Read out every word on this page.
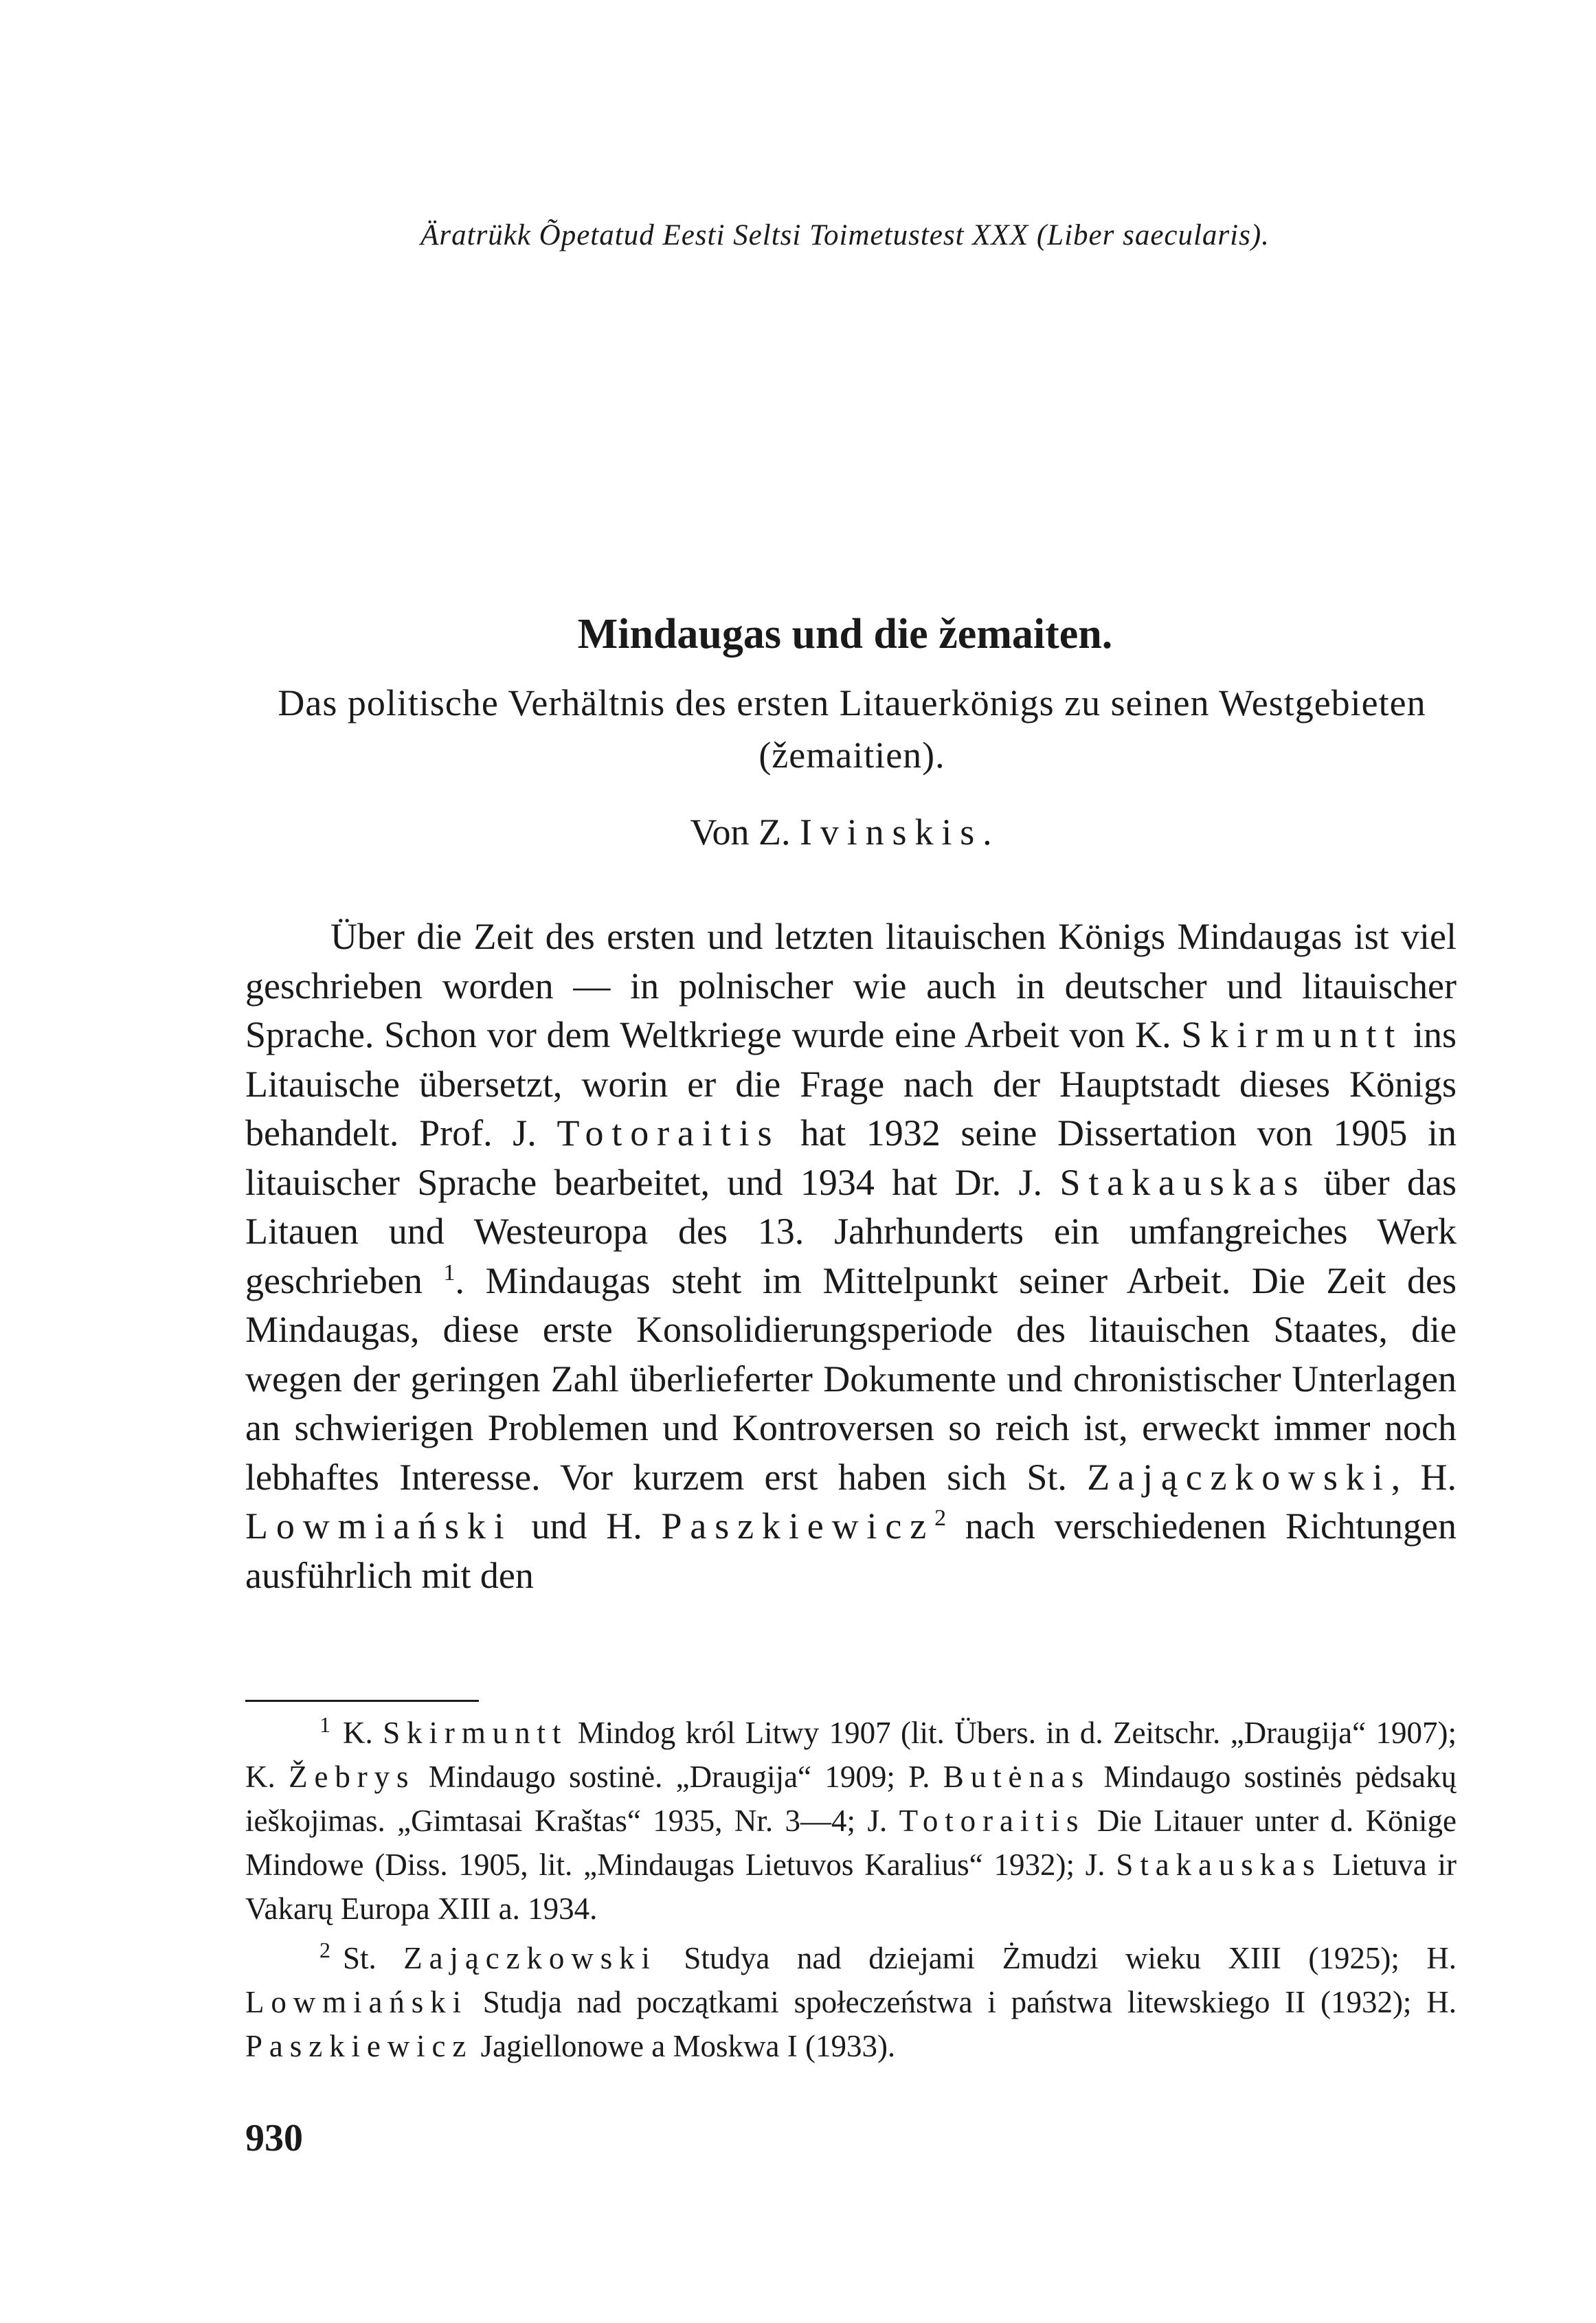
Äratrükk Õpetatud Eesti Seltsi Toimetustest XXX (Liber saecularis).
Mindaugas und die žemaiten.
Das politische Verhältnis des ersten Litauerkönigs zu seinen Westgebieten (žemaitien).
Von Z. Ivinskis.

Über die Zeit des ersten und letzten litauischen Königs Mindaugas ist viel geschrieben worden — in polnischer wie auch in deutscher und litauischer Sprache. Schon vor dem Weltkriege wurde eine Arbeit von K. Skirmuntt ins Litauische übersetzt, worin er die Frage nach der Hauptstadt dieses Königs behandelt. Prof. J. Totoraitis hat 1932 seine Dissertation von 1905 in litauischer Sprache bearbeitet, und 1934 hat Dr. J. Stakauskas über das Litauen und Westeuropa des 13. Jahrhunderts ein umfangreiches Werk geschrieben $^1$. Mindaugas steht im Mittelpunkt seiner Arbeit. Die Zeit des Mindaugas, diese erste Konsolidierungsperiode des litauischen Staates, die wegen der geringen Zahl überlieferter Dokumente und chronistischer Unterlagen an schwierigen Problemen und Kontroversen so reich ist, erweckt immer noch lebhaftes Interesse. Vor kurzem erst haben sich St. Zajączkowski, H. Lowmiański und H. Paszkiewicz$^2$ nach verschiedenen Richtungen ausführlich mit den

$^1$ K. Skirmuntt Mindog król Litwy 1907 (lit. Übers. in d. Zeitschr. „Draugija“ 1907); K. Žebrys Mindaugo sostinė. „Draugija“ 1909; P. Butėnas Mindaugo sostinės pėdsakų ieškojimas. „Gimtasai Kraštas“ 1935, Nr. 3—4; J. Totoraitis Die Litauer unter d. Könige Mindowe (Diss. 1905, lit. „Mindaugas Lietuvos Karalius“ 1932); J. Stakauskas Lietuva ir Vakarų Europa XIII a. 1934.

$^2$ St. Zajączkowski Studya nad dziejami Żmudzi wieku XIII (1925); H. Lowmiański Studja nad początkami społeczeństwa i państwa litewskiego II (1932); H. Paszkiewicz Jagiellonowe a Moskwa I (1933).

930
